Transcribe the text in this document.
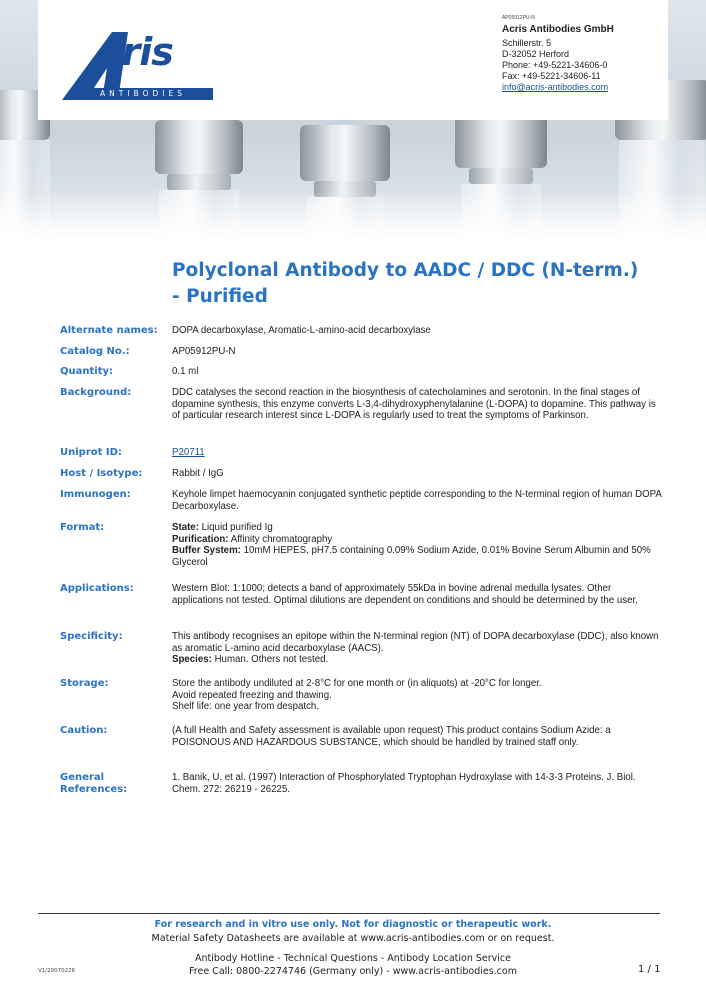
cris
ANTIBODIES
AP05912PU-N
Acris Antibodies GmbH
Schillerstr. 5
D-32052 Herford
Phone: +49-5221-34606-0
Fax: +49-5221-34606-11
info@acris-antibodies.com
Polyclonal Antibody to AADC / DDC (N-term.)
- Purified
Alternate names:	DOPA decarboxylase, Aromatic-L-amino-acid decarboxylase
Catalog No.:	AP05912PU-N
Quantity:	0.1 ml
Background:	DDC catalyses the second reaction in the biosynthesis of catecholamines and serotonin. In the final stages of dopamine synthesis, this enzyme converts L-3,4-dihydroxyphenylalanine (L-DOPA) to dopamine. This pathway is of particular research interest since L-DOPA is regularly used to treat the symptoms of Parkinson.
Uniprot ID:	P20711
Host / Isotype:	Rabbit / IgG
Immunogen:	Keyhole limpet haemocyanin conjugated synthetic peptide corresponding to the N-terminal region of human DOPA Decarboxylase.
Format:	State: Liquid purified Ig
Purification: Affinity chromatography
Buffer System: 10mM HEPES, pH7.5 containing 0.09% Sodium Azide, 0.01% Bovine Serum Albumin and 50% Glycerol
Applications:	Western Blot: 1:1000; detects a band of approximately 55kDa in bovine adrenal medulla lysates. Other applications not tested. Optimal dilutions are dependent on conditions and should be determined by the user.
Specificity:	This antibody recognises an epitope within the N-terminal region (NT) of DOPA decarboxylase (DDC), also known as aromatic L-amino acid decarboxylase (AACS).
Species: Human. Others not tested.
Storage:	Store the antibody undiluted at 2-8°C for one month or (in aliquots) at -20°C for longer.
Avoid repeated freezing and thawing.
Shelf life: one year from despatch.
Caution:	(A full Health and Safety assessment is available upon request) This product contains Sodium Azide: a POISONOUS AND HAZARDOUS SUBSTANCE, which should be handled by trained staff only.
General
References:
1. Banik, U. et al. (1997) Interaction of Phosphorylated Tryptophan Hydroxylase with 14-3-3 Proteins. J. Biol. Chem. 272: 26219 - 26225.
For research and in vitro use only. Not for diagnostic or therapeutic work.
Material Safety Datasheets are available at www.acris-antibodies.com or on request.
Antibody Hotline - Technical Questions - Antibody Location Service
Free Call: 0800-2274746 (Germany only) - www.acris-antibodies.com
V1/20070226	1 / 1
